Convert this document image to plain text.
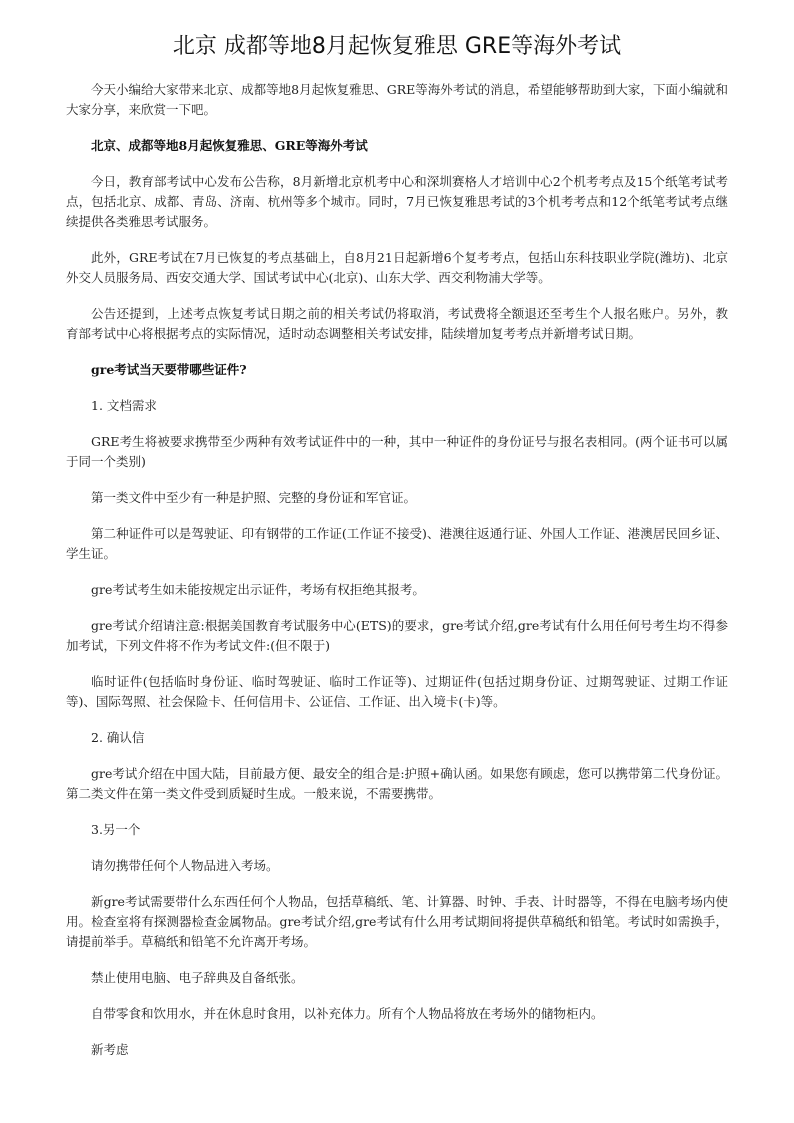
北京 成都等地8月起恢复雅思 GRE等海外考试

今天小编给大家带来北京、成都等地8月起恢复雅思、GRE等海外考试的消息，希望能够帮助到大家，下面小编就和大家分享，来欣赏一下吧。

北京、成都等地8月起恢复雅思、GRE等海外考试

今日，教育部考试中心发布公告称，8月新增北京机考中心和深圳赛格人才培训中心2个机考考点及15个纸笔考试考点，包括北京、成都、青岛、济南、杭州等多个城市。同时，7月已恢复雅思考试的3个机考考点和12个纸笔考试考点继续提供各类雅思考试服务。

此外，GRE考试在7月已恢复的考点基础上，自8月21日起新增6个复考考点，包括山东科技职业学院(潍坊)、北京外交人员服务局、西安交通大学、国试考试中心(北京)、山东大学、西交利物浦大学等。

公告还提到，上述考点恢复考试日期之前的相关考试仍将取消，考试费将全额退还至考生个人报名账户。另外，教育部考试中心将根据考点的实际情况，适时动态调整相关考试安排，陆续增加复考考点并新增考试日期。

gre考试当天要带哪些证件?

1. 文档需求

GRE考生将被要求携带至少两种有效考试证件中的一种，其中一种证件的身份证号与报名表相同。(两个证书可以属于同一个类别)

第一类文件中至少有一种是护照、完整的身份证和军官证。

第二种证件可以是驾驶证、印有钢带的工作证(工作证不接受)、港澳往返通行证、外国人工作证、港澳居民回乡证、学生证。

gre考试考生如未能按规定出示证件，考场有权拒绝其报考。

gre考试介绍请注意:根据美国教育考试服务中心(ETS)的要求，gre考试介绍,gre考试有什么用任何号考生均不得参加考试，下列文件将不作为考试文件:(但不限于)

临时证件(包括临时身份证、临时驾驶证、临时工作证等)、过期证件(包括过期身份证、过期驾驶证、过期工作证等)、国际驾照、社会保险卡、任何信用卡、公证信、工作证、出入境卡(卡)等。

2. 确认信

gre考试介绍在中国大陆，目前最方便、最安全的组合是:护照+确认函。如果您有顾虑，您可以携带第二代身份证。第二类文件在第一类文件受到质疑时生成。一般来说，不需要携带。

3.另一个

请勿携带任何个人物品进入考场。

新gre考试需要带什么东西任何个人物品，包括草稿纸、笔、计算器、时钟、手表、计时器等，不得在电脑考场内使用。检查室将有探测器检查金属物品。gre考试介绍,gre考试有什么用考试期间将提供草稿纸和铅笔。考试时如需换手，请提前举手。草稿纸和铅笔不允许离开考场。

禁止使用电脑、电子辞典及自备纸张。

自带零食和饮用水，并在休息时食用，以补充体力。所有个人物品将放在考场外的储物柜内。

新考虑
